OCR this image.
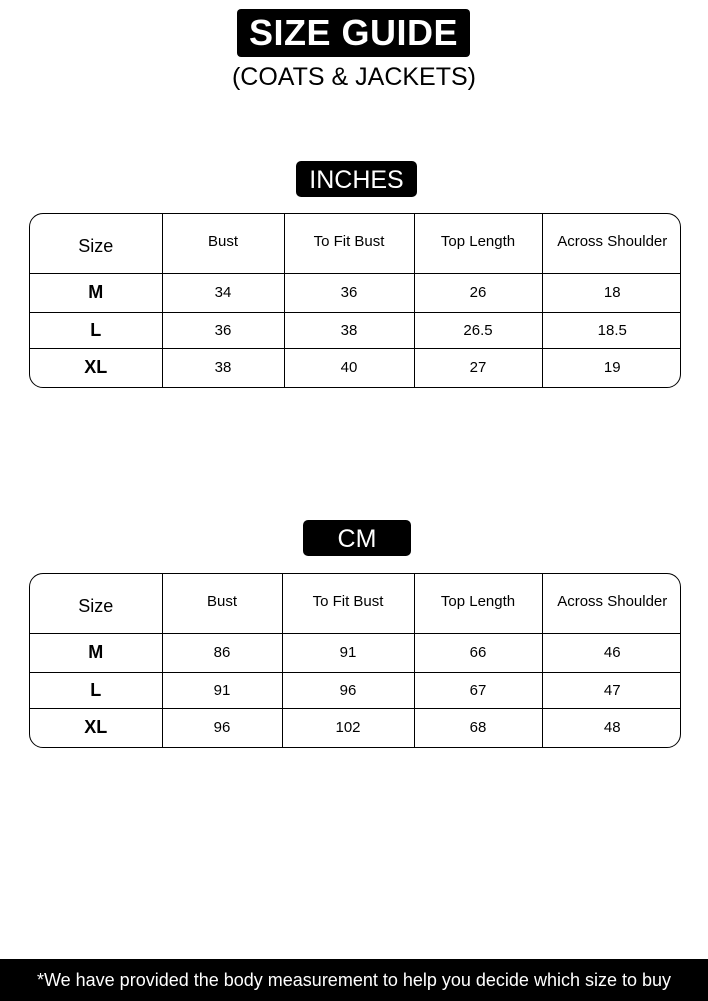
SIZE GUIDE
(COATS & JACKETS)
INCHES
Size	Bust	To Fit Bust	Top Length	Across Shoulder
M	34	36	26	18
L	36	38	26.5	18.5
XL	38	40	27	19
CM
Size	Bust	To Fit Bust	Top Length	Across Shoulder
M	86	91	66	46
L	91	96	67	47
XL	96	102	68	48
*We have provided the body measurement to help you decide which size to buy
